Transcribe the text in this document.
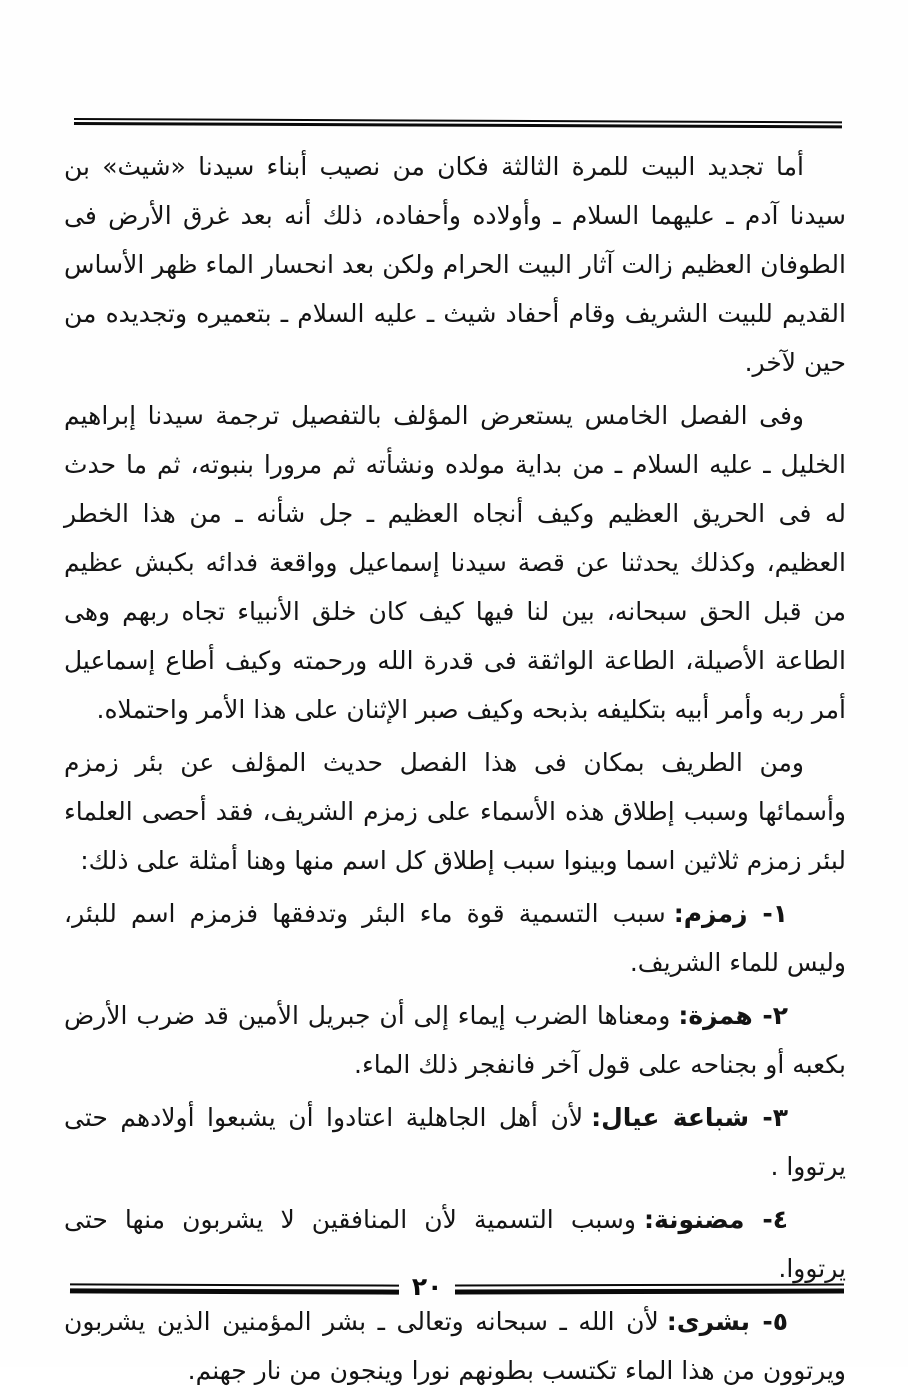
أما تجديد البيت للمرة الثالثة فكان من نصيب أبناء سيدنا «شيث» بن سيدنا آدم ـ عليهما السلام ـ وأولاده وأحفاده، ذلك أنه بعد غرق الأرض فى الطوفان العظيم زالت آثار البيت الحرام ولكن بعد انحسار الماء ظهر الأساس القديم للبيت الشريف وقام أحفاد شيث ـ عليه السلام ـ بتعميره وتجديده من حين لآخر.

وفى الفصل الخامس يستعرض المؤلف بالتفصيل ترجمة سيدنا إبراهيم الخليل ـ عليه السلام ـ من بداية مولده ونشأته ثم مرورا بنبوته، ثم ما حدث له فى الحريق العظيم وكيف أنجاه العظيم ـ جل شأنه ـ من هذا الخطر العظيم، وكذلك يحدثنا عن قصة سيدنا إسماعيل وواقعة فدائه بكبش عظيم من قبل الحق سبحانه، بين لنا فيها كيف كان خلق الأنبياء تجاه ربهم وهى الطاعة الأصيلة، الطاعة الواثقة فى قدرة الله ورحمته وكيف أطاع إسماعيل أمر ربه وأمر أبيه بتكليفه بذبحه وكيف صبر الإثنان على هذا الأمر واحتملاه.

ومن الطريف بمكان فى هذا الفصل حديث المؤلف عن بئر زمزم وأسمائها وسبب إطلاق هذه الأسماء على زمزم الشريف، فقد أحصى العلماء لبئر زمزم ثلاثين اسما وبينوا سبب إطلاق كل اسم منها وهنا أمثلة على ذلك:

١- زمزم:سبب التسمية قوة ماء البئر وتدفقها فزمزم اسم للبئر، وليس للماء الشريف.
٢- همزة:ومعناها الضرب إيماء إلى أن جبريل الأمين قد ضرب الأرض بكعبه أو بجناحه على قول آخر فانفجر ذلك الماء.
٣- شباعة عيال:لأن أهل الجاهلية اعتادوا أن يشبعوا أولادهم حتى يرتووا .
٤- مضنونة:وسبب التسمية لأن المنافقين لا يشربون منها حتى يرتووا.
٥- بشرى:لأن الله ـ سبحانه وتعالى ـ بشر المؤمنين الذين يشربون ويرتوون من هذا الماء تكتسب بطونهم نورا وينجون من نار جهنم.
٢٠
